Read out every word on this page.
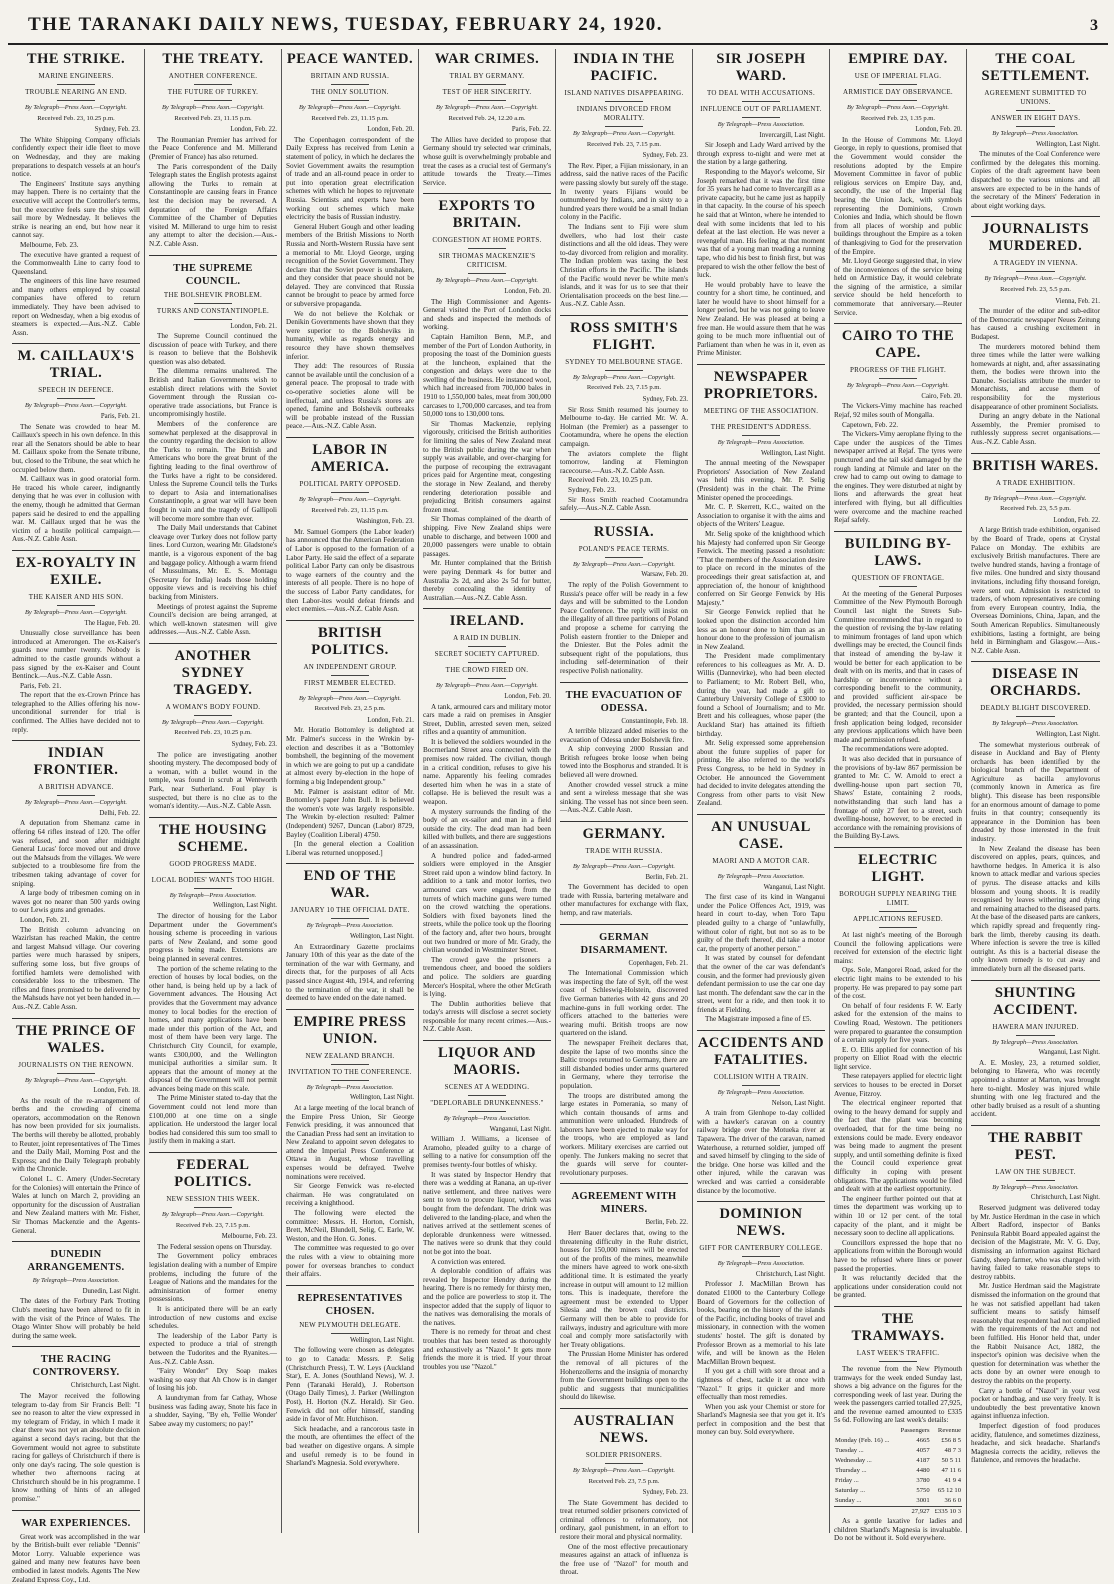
THE TARANAKI DAILY NEWS, TUESDAY, FEBRUARY 24, 1920.	3
THE STRIKE.
MARINE ENGINEERS.
TROUBLE NEARING AN END.
By Telegraph—Press Assn.—Copyright.
Received Feb. 23, 10.25 p.m.
Sydney, Feb. 23.

The White Shipping Company officials confidently expect their idle fleet to move on Wednesday, and they are making preparations to despatch vessels at an hour's notice.

The Engineers' Institute says anything may happen. There is no certainty that the executive will accept the Controller's terms, but the executive feels sure the ships will sail more by Wednesday. It believes the strike is nearing an end, but how near it cannot say.

Melbourne, Feb. 23.

The executive have granted a request of the Commonwealth Line to carry food to Queensland.

The engineers of this line have resumed and many others employed by coastal companies have offered to return immediately. They have been advised to report on Wednesday, when a big exodus of steamers is expected.—Aus.-N.Z. Cable Assn.

M. CAILLAUX'S TRIAL.
SPEECH IN DEFENCE.
By Telegraph—Press Assn.—Copyright.
Paris, Feb. 21.

The Senate was crowded to hear M. Caillaux's speech in his own defence. In this rear all the Senators should be able to hear M. Caillaux spoke from the Senate tribune, but, closed to the Tribune, the seat which he occupied below them.

M. Caillaux was in good oratorial form. He traced his whole career, indignantly denying that he was ever in collusion with the enemy, though he admitted that German papers said he desired to end the appalling war. M. Caillaux urged that he was the victim of a hostile political campaign.—Aus.-N.Z. Cable Assn.

EX-ROYALTY IN EXILE.
THE KAISER AND HIS SON.
By Telegraph—Press Assn.—Copyright.
The Hague, Feb. 20.

Unusually close surveillance has been introduced at Amerongen. The ex-Kaiser's guards now number twenty. Nobody is admitted to the castle grounds without a pass signed by the ex-Kaiser and Count Bentinck.—Aus.-N.Z. Cable Assn.

Paris, Feb. 21.

The report that the ex-Crown Prince has telegraphed to the Allies offering his now-unconditional surrender for trial is confirmed. The Allies have decided not to reply.

INDIAN FRONTIER.
A BRITISH ADVANCE.
By Telegraph—Press Assn.—Copyright.
Delhi, Feb. 22.

A deputation from Shemanz came in offering 64 rifles instead of 120. The offer was refused, and soon after midnight General Lucas' force moved out and drove out the Mahsuds from the villages. We were subjected to a troublesome fire from the tribesmen taking advantage of cover for sniping.

A large body of tribesmen coming on in waves got no nearer than 500 yards owing to our Lewis guns and grenades.

London, Feb. 21.

The British column advancing on Wazirlstan has reached Makin, the centre and largest Mahsud village. Our covering parties were much harassed by snipers, suffering some loss, but five groups of fortified hamlets were demolished with considerable loss to the tribesmen. The rifles and fines promised to be delivered by the Mahsuds have not yet been handed in.—Aus.-N.Z. Cable Assn.

THE PRINCE OF WALES.
JOURNALISTS ON THE RENOWN.
By Telegraph—Press Assn.—Copyright.
London, Feb. 18.

As the result of the re-arrangement of berths and the crowding of cinema operators, accommodation on the Renown has now been provided for six journalists. The berths will thereby be allotted, probably to Reuter, joint representatives of The Times and the Daily Mail, Morning Post and the Express; and the Daily Telegraph probably with the Chronicle.

Colonel L. C. Amery (Under-Secretary for the Colonies) will entertain the Prince of Wales at lunch on March 2, providing an opportunity for the discussion of Australian and New Zealand matters with Mr. Fisher, Sir Thomas Mackenzie and the Agents-General.

DUNEDIN ARRANGEMENTS.
By Telegraph—Press Association.
Dunedin, Last Night.

The dates of the Forbury Park Trotting Club's meeting have been altered to fit in with the visit of the Prince of Wales. The Otago Winter Show will probably be held during the same week.

THE RACING CONTROVERSY.
Christchurch, Last Night.

The Mayor received the following telegram to-day from Sir Francis Bell: "I see no reason to alter the view expressed in my telegram of Friday, in which I made it clear there was not yet an absolute decision against a second day's racing, but that the Government would not agree to substitute racing for galleys of Christchurch if there is only one day's racing. The sole question is whether two afternoons racing at Christchurch should be in his programme. I know nothing of hints of an alleged promise."

WAR EXPERIENCES.

Great work was accomplished in the war by the British-built ever reliable "Dennis" Motor Lorry. Valuable experience was gained and many new features have been embodied in latest models. Agents The New Zealand Express Coy., Ltd.

THE TREATY.
ANOTHER CONFERENCE.
THE FUTURE OF TURKEY.
By Telegraph—Press Assn.—Copyright.
Received Feb. 23, 11.15 p.m.
London, Feb. 22.

The Roumanian Premier has arrived for the Peace Conference and M. Millerand (Premier of France) has also returned.

The Paris correspondent of the Daily Telegraph states the English protests against allowing the Turks to remain at Constantinople are causing fears in France lest the decision may be reversed. A deputation of the Foreign Affairs Committee of the Chamber of Deputies visited M. Millerand to urge him to resist any attempt to alter the decision.—Aus.-N.Z. Cable Assn.

THE SUPREME COUNCIL.
THE BOLSHEVIK PROBLEM.
TURKS AND CONSTANTINOPLE.
London, Feb. 21.

The Supreme Council continued the discussion of peace with Turkey, and there is reason to believe that the Bolshevik question was also debated.

The dilemma remains unaltered. The British and Italian Governments wish to establish direct relations with the Soviet Government through the Russian co-operative trade associations, but France is uncompromisingly hostile.

Members of the conference are somewhat perplexed at the disapproval in the country regarding the decision to allow the Turks to remain. The British and Americans who bore the great brunt of the fighting leading to the final overthrow of the Turks have a right to be considered. Unless the Supreme Council tells the Turks to depart to Asia and internationalises Constantinople, a great war will have been fought in vain and the tragedy of Gallipoli will become more sombre than ever.

The Daily Mail understands that Cabinet cleavage over Turkey does not follow party lines. Lord Curzon, wearing Mr. Gladstone's mantle, is a vigorous exponent of the bag and baggage policy. Although a warm friend of Mussulmans, Mr. E. S. Montagu (Secretary for India) leads those holding opposite views and is receiving his chief backing from Ministers.

Meetings of protest against the Supreme Council's decision are being arranged, at which well-known statesmen will give addresses.—Aus.-N.Z. Cable Assn.

ANOTHER SYDNEY TRAGEDY.
A WOMAN'S BODY FOUND.
By Telegraph—Press Assn.—Copyright.
Received Feb. 23, 10.25 p.m.
Sydney, Feb. 23.

The police are investigating another shooting mystery. The decomposed body of a woman, with a bullet wound in the temple, was found in scrub at Wentworth Park, near Sutherland. Foul play is suspected, but there is no clue as to the woman's identity.—Aus.-N.Z. Cable Assn.

THE HOUSING SCHEME.
GOOD PROGRESS MADE.
LOCAL BODIES' WANTS TOO HIGH.
By Telegraph—Press Association.
Wellington, Last Night.

The director of housing for the Labor Department under the Government's housing scheme is proceeding in various parts of New Zealand, and some good progress is being made. Extensions are being planned in several centres.

The portion of the scheme relating to the erection of houses by local bodies, on the other hand, is being held up by a lack of Government advances. The Housing Act provides that the Government may advance money to local bodies for the erection of homes, and many applications have been made under this portion of the Act, and most of them have been very large. The Christchurch City Council, for example, wants £300,000, and the Wellington municipal authorities a similar sum. It appears that the amount of money at the disposal of the Government will not permit advances being made on this scale.

The Prime Minister stated to-day that the Government could not lend more than £100,000 at one time on a single application. He understood the larger local bodies had considered this sum too small to justify them in making a start.

FEDERAL POLITICS.
NEW SESSION THIS WEEK.
By Telegraph—Press Assn.—Copyright.
Received Feb. 23, 7.15 p.m.
Melbourne, Feb. 23.

The Federal session opens on Thursday.

The Government policy embraces legislation dealing with a number of Empire problems, including the future of the League of Nations and the mandates for the administration of former enemy possessions.

It is anticipated there will be an early introduction of new customs and excise schedules.

The leadership of the Labor Party is expected to produce a trial of strength between the Tudorites and the Ryanites.—Aus.-N.Z. Cable Assn.

"Fairy Wonder" Dry Soap makes washing so easy that Ah Chow is in danger of losing his job.

A laundryman from far Cathay, Whose business was fading away, Snote his face in a shudder, Saying, "By eh, 'Fellie Wonder' Sabee away my customers; no pay!"

PEACE WANTED.
BRITAIN AND RUSSIA.
THE ONLY SOLUTION.
By Telegraph—Press Assn.—Copyright.
Received Feb. 23, 11.15 p.m.
London, Feb. 20.

The Copenhagen correspondent of the Daily Express has received from Lenin a statement of policy, in which he declares the Soviet Government awaits the resumption of trade and an all-round peace in order to put into operation great electrification schemes with which he hopes to rejuvenate Russia. Scientists and experts have been working out schemes which make electricity the basis of Russian industry.

General Hubert Gough and other leading members of the British Missions to North Russia and North-Western Russia have sent a memorial to Mr. Lloyd George, urging recognition of the Soviet Government. They declare that the Soviet power is unshaken, and they consider that peace should not be delayed. They are convinced that Russia cannot be brought to peace by armed force or subversive propaganda.

We do not believe the Kolchak or Denikin Governments have shown that they were superior to the Bolsheviks in humanity, while as regards energy and resource they have shown themselves inferior.

They add: The resources of Russia cannot be available until the conclusion of a general peace. The proposal to trade with co-operative societies alone will be ineffectual, and unless Russia's stores are opened, famine and Bolshevik outbreaks will be probable instead of the Russian peace.—Aus.-N.Z. Cable Assn.

LABOR IN AMERICA.
POLITICAL PARTY OPPOSED.
By Telegraph—Press Assn.—Copyright.
Received Feb. 23, 11.15 p.m.
Washington, Feb. 23.

Mr. Samuel Gompers (the Labor leader) has announced that the American Federation of Labor is opposed to the formation of a Labor Party. He said the effect of a separate political Labor Party can only be disastrous to wage earners of the country and the interests of all people. There is no hope of the success of Labor Party candidates, for then Labor-ites would defeat friends and elect enemies.—Aus.-N.Z. Cable Assn.

BRITISH POLITICS.
AN INDEPENDENT GROUP.
FIRST MEMBER ELECTED.
By Telegraph—Press Assn.—Copyright.
Received Feb. 23, 2.5 p.m.
London, Feb. 21.

Mr. Horatio Bottomley is delighted at Mr. Palmer's success in the Wrekin by-election and describes it as a "Bottomley bombshell, the beginning of the movement in which we are going to put up a candidate at almost every by-election in the hope of forming a big Independent group."

Mr. Palmer is assistant editor of Mr. Bottomley's paper John Bull. It is believed the women's vote was largely responsible. The Wrekin by-election resulted: Palmer (Independent) 9267, Duncan (Labor) 8729, Bayley (Coalition Liberal) 4750.

[In the general election a Coalition Liberal was returned unopposed.]

END OF THE WAR.
JANUARY 10 THE OFFICIAL DATE.
By Telegraph—Press Association.
Wellington, Last Night.

An Extraordinary Gazette proclaims January 10th of this year as the date of the termination of the war with Germany, and directs that, for the purposes of all Acts passed since August 4th, 1914, and referring to the termination of the war, it shall be deemed to have ended on the date named.

EMPIRE PRESS UNION.
NEW ZEALAND BRANCH.
INVITATION TO THE CONFERENCE.
By Telegraph—Press Association.
Wellington, Last Night.

At a large meeting of the local branch of the Empire Press Union, Sir George Fenwick presiding, it was announced that the Canadian Press had sent an invitation to New Zealand to appoint seven delegates to attend the Imperial Press Conference at Ottawa in August, whose travelling expenses would be defrayed. Twelve nominations were received.

Sir George Fenwick was re-elected chairman. He was congratulated on receiving a knighthood.

The following were elected the committee: Messrs. H. Horton, Cornish, Brett, McNeil, Blundell, Selig, C. Earle, W. Weston, and the Hon. G. Jones.

The committee was requested to go over the rules with a view to obtaining more power for overseas branches to conduct their affairs.

REPRESENTATIVES CHOSEN.
NEW PLYMOUTH DELEGATE.
Wellington, Last Night.

The following were chosen as delegates to go to Canada: Messrs. P. Selig (Christchurch Press), T. W. Leys (Auckland Star), E. A. Jones (Southland News), W. J. Penn (Taranaki Herald), J. Robertson (Otago Daily Times), J. Parker (Wellington Post), H. Horton (N.Z. Herald). Sir Geo. Fenwick did not offer himself, standing aside in favor of Mr. Hutchison.

Sick headache, and a rancorous taste in the mouth, are oftentimes the effect of the bad weather on digestive organs. A simple and useful remedy is to be found in Sharland's Magnesia. Sold everywhere.

WAR CRIMES.
TRIAL BY GERMANY.
TEST OF HER SINCERITY.
By Telegraph—Press Assn.—Copyright.
Received Feb. 24, 12.20 a.m.
Paris, Feb. 22.

The Allies have decided to propose that Germany should try selected war criminals, whose guilt is overwhelmingly probable and treat the cases as a crucial test of Germany's attitude towards the Treaty.—Times Service.

EXPORTS TO BRITAIN.
CONGESTION AT HOME PORTS.
SIR THOMAS MACKENZIE'S CRITICISM.
By Telegraph—Press Assn.—Copyright.
London, Feb. 20.

The High Commissioner and Agents-General visited the Port of London docks and sheds and inspected the methods of working.

Captain Hamilton Benn, M.P., and member of the Port of London Authority, in proposing the toast of the Dominion guests at the luncheon, explained that the congestion and delays were due to the swelling of the business. He instanced wool, which had increased from 700,000 bales in 1910 to 1,550,000 bales, meat from 300,000 carcases to 1,700,000 carcases, and tea from 50,000 tons to 130,000 tons.

Sir Thomas Mackenzie, replying vigorously, criticised the British authorities for limiting the sales of New Zealand meat to the British public during the war when supply was available, and over-charging for the purpose of recouping the extravagant prices paid for Argentine meat, congesting the storage in New Zealand, and thereby rendering deterioration possible and prejudicing British consumers against frozen meat.

Sir Thomas complained of the dearth of shipping. Five New Zealand ships were unable to discharge, and between 1000 and 20,000 passengers were unable to obtain passages.

Mr. Hunter complained that the British were paying Denmark 4s for butter and Australia 2s 2d, and also 2s 5d for butter, thereby concealing the identity of Australian.—Aus.-N.Z. Cable Assn.

IRELAND.
A RAID IN DUBLIN.
SECRET SOCIETY CAPTURED.
THE CROWD FIRED ON.
By Telegraph—Press Assn.—Copyright.
London, Feb. 20.

A tank, armoured cars and military motor cars made a raid on premises in Ansgier Street, Dublin, arrested seven men, seized rifles and a quantity of ammunition.

It is believed the soldiers wounded in the Bocrnerland Street area connected with the premises now raided. The civilian, though in a critical condition, refuses to give his name. Apparently his feeling comrades deserted him when he was in a state of collapse. He is believed the result was a weapon.

A mystery surrounds the finding of the body of an ex-sailor and man in a field outside the city. The dead man had been killed with bullets, and there are suggestions of an assassination.

A hundred police and faded-armed soldiers were employed in the Ansgier Street raid upon a window blind factory. In addition to a tank and motor lorries, two armoured cars were engaged, from the turrets of which machine guns were turned on the crowd watching the operations. Soldiers with fixed bayonets lined the streets, while the police took up the flooring of the factory and, after two hours, brought out two hundred or more of Mr. Grady, the civilian wounded in Westminster Street.

The crowd gave the prisoners a tremendous cheer, and booed the soldiers and police. The soldiers are guarding Mercer's Hospital, where the other McGrath is lying.

The Dublin authorities believe that today's arrests will disclose a secret society responsible for many recent crimes.—Aus.-N.Z. Cable Assn.

LIQUOR AND MAORIS.
SCENES AT A WEDDING.
"DEPLORABLE DRUNKENNESS."
By Telegraph—Press Association.
Wanganui, Last Night.

William J. Williams, a licensee of Aramoho, pleaded guilty to a charge of selling to a native for consumption off the premises twenty-four bottles of whisky.

It was stated by Inspector Hendry that there was a wedding at Ranana, an up-river native settlement, and three natives were sent to town to procure liquor, which was bought from the defendant. The drink was delivered to the landing-place, and when the natives arrived at the settlement scenes of deplorable drunkenness were witnessed. The natives were so drunk that they could not be got into the boat.

A conviction was entered.

A deplorable condition of affairs was revealed by Inspector Hendry during the hearing. There is no remedy for thirsty men, and the police are powerless to stop it. The inspector added that the supply of liquor to the natives was demoralising the morals of the natives.

There is no remedy for throat and chest troubles that has been tested as thoroughly and exhaustively as "Nazol." It gets more friends the more it is tried. If your throat troubles you use "Nazol."

INDIA IN THE PACIFIC.
ISLAND NATIVES DISAPPEARING.
INDIANS DIVORCED FROM MORALITY.
By Telegraph—Press Assn.—Copyright.
Received Feb. 23, 7.15 p.m.
Sydney, Feb. 23.

The Rev. Piper, a Fijian missionary, in an address, said the native races of the Pacific were passing slowly but surely off the stage. In twenty years Fijians would be outnumbered by Indians, and in sixty to a hundred years there would be a small Indian colony in the Pacific.

The Indians sent to Fiji were slum dwellers, who had lost their caste distinctions and all the old ideas. They were to-day divorced from religion and morality. The Indian problem was taxing the best Christian efforts in the Pacific. The islands of the Pacific would never be white men's islands, and it was for us to see that their Orientalisation proceeds on the best line.—Aus.-N.Z. Cable Assn.

ROSS SMITH'S FLIGHT.
SYDNEY TO MELBOURNE STAGE.
By Telegraph—Press Assn.—Copyright.
Received Feb. 23, 7.15 p.m.
Sydney, Feb. 23.

Sir Ross Smith resumed his journey to Melbourne to-day. He carried Mr. W. A. Holman (the Premier) as a passenger to Cootamundra, where he opens the election campaign.

The aviators complete the flight tomorrow, landing at Flemington racecourse.—Aus.-N.Z. Cable Assn.

Received Feb. 23, 10.25 p.m.

Sydney, Feb. 23.

Sir Ross Smith reached Cootamundra safely.—Aus.-N.Z. Cable Assn.

RUSSIA.
POLAND'S PEACE TERMS.
By Telegraph—Press Assn.—Copyright.
Warsaw, Feb. 20.

The reply of the Polish Government to Russia's peace offer will be ready in a few days and will be submitted to the London Peace Conference. The reply will insist on the illegality of all three partitions of Poland and propose a scheme for carrying the Polish eastern frontier to the Dnieper and the Dniester. But the Poles admit the subsequent right of the populations, thus including self-determination of their respective Polish nationality.

THE EVACUATION OF ODESSA.
Constantinople, Feb. 18.

A terrible blizzard added miseries to the evacuation of Odessa under Bolshevik fire.

A ship conveying 2000 Russian and British refugees broke loose when being towed into the Bosphorus and stranded. It is believed all were drowned.

Another crowded vessel struck a mine and sent a wireless message that she was sinking. The vessel has not since been seen.—Aus.-N.Z. Cable Assn.

GERMANY.
TRADE WITH RUSSIA.
By Telegraph—Press Assn.—Copyright.
Berlin, Feb. 21.

The Government has decided to open trade with Russia, bartering metalware and other manufactures for exchange with flax, hemp, and raw materials.

GERMAN DISARMAMENT.
Copenhagen, Feb. 21.

The International Commission which was inspecting the fate of Sylt, off the west coast of Schleswig-Holstein, discovered five German batteries with 42 guns and 20 machine-guns in full working order. The officers attached to the batteries were wearing mufti. British troops are now quartered on the island.

The newspaper Freiheit declares that, despite the lapse of two months since the Baltic troops returned to Germany, there are still disbanded bodies under arms quartered in Germany, where they terrorise the population.

The troops are distributed among the large estates in Pomerania, so many of which contain thousands of arms and ammunition were unloaded. Hundreds of laborers have been ejected to make way for the troops, who are employed as land workers. Military exercises are carried out openly. The Junkers making no secret that the guards will serve for counter-revolutionary purposes.

AGREEMENT WITH MINERS.
Berlin, Feb. 22.

Herr Bauer declares that, owing to the threatening difficulty in the Ruhr district, houses for 150,000 miners will be erected out of the profits of the mines, meanwhile the miners have agreed to work one-sixth additional time. It is estimated the yearly increase in output will amount to 12 million tons. This is inadequate, therefore the agreement must be extended to Upper Silesia and the brown coal districts. Germany will then be able to provide for railways, industry and agriculture with more coal and comply more satisfactorily with her Treaty obligations.

The Prussian Home Minister has ordered the removal of all pictures of the Hohenzollerns and the insignia of monarchy from the Government buildings open to the public and suggests that municipalities should do likewise.

AUSTRALIAN NEWS.
SOLDIER PRISONERS.
By Telegraph—Press Assn.—Copyright.
Received Feb. 23, 7.5 p.m.
Sydney, Feb. 23.

The State Government has decided to treat returned soldier prisoners convicted of criminal offences to reformatory, not ordinary, gaol punishment, in an effort to restore their moral and physical normality.

One of the most effective precautionary measures against an attack of influenza is the free use of "Nazol" for mouth and throat.

SIR JOSEPH WARD.
TO DEAL WITH ACCUSATIONS.
INFLUENCE OUT OF PARLIAMENT.
By Telegraph—Press Association.
Invercargill, Last Night.

Sir Joseph and Lady Ward arrived by the through express to-night and were met at the station by a large gathering.

Responding to the Mayor's welcome, Sir Joseph remarked that it was the first time for 35 years he had come to Invercargill as a private capacity, but he came just as happily in that capacity. In the course of his speech he said that at Winton, where he intended to deal with some incidents that led to his defeat at the last election. He was never a revengeful man. His feeling at that moment was that of a young man treading a running tape, who did his best to finish first, but was prepared to wish the other fellow the best of luck.

He would probably have to leave the country for a short time, he continued, and later he would have to shoot himself for a longer period, but he was not going to leave New Zealand. He was pleased at being a free man. He would assure them that he was going to be much more influential out of Parliament than when he was in it, even as Prime Minister.

NEWSPAPER PROPRIETORS.
MEETING OF THE ASSOCIATION.
THE PRESIDENT'S ADDRESS.
By Telegraph—Press Association.
Wellington, Last Night.

The annual meeting of the Newspaper Proprietors' Association of New Zealand was held this evening. Mr. P. Selig (President) was in the chair. The Prime Minister opened the proceedings.

Mr. C. P. Skerrett, K.C., waited on the Association to organise it with the aims and objects of the Writers' League.

Mr. Selig spoke of the knighthood which his Majesty had conferred upon Sir George Fenwick. The meeting passed a resolution: "That the members of the Association desire to place on record in the minutes of the proceedings their great satisfaction at, and appreciation of, the honour of knighthood conferred on Sir George Fenwick by His Majesty."

Sir George Fenwick replied that he looked upon the distinction accorded him less as an honour done to him than as an honour done to the profession of journalism in New Zealand.

The President made complimentary references to his colleagues as Mr. A. D. Willis (Dannevirke), who had been elected to Parliament; to Mr. Robert Bell, who, during the year, had made a gift to Canterbury University College of £3000 to found a School of Journalism; and to Mr. Brett and his colleagues, whose paper (the Auckland Star) has attained its fiftieth birthday.

Mr. Selig expressed some apprehension about the future supplies of paper for printing. He also referred to the world's Press Congress, to be held in Sydney in October. He announced the Government had decided to invite delegates attending the Congress from other parts to visit New Zealand.

AN UNUSUAL CASE.
MAORI AND A MOTOR CAR.
By Telegraph—Press Association.
Wanganui, Last Night.

The first case of its kind in Wanganui under the Police Offences Act, 1919, was heard in court to-day, when Toro Tapu pleaded guilty to a charge of "unlawfully, without color of right, but not so as to be guilty of the theft thereof, did take a motor car, the property of another person."

It was stated by counsel for defendant that the owner of the car was defendant's cousin, and the former had previously given defendant permission to use the car one day last month. The defendant saw the car in the street, went for a ride, and then took it to friends at Fielding.

The Magistrate imposed a fine of £5.

ACCIDENTS AND FATALITIES.
COLLISION WITH A TRAIN.
By Telegraph—Press Association.
Nelson, Last Night.

A train from Glenhope to-day collided with a hawker's caravan on a country railway bridge over the Motueka river at Tapawera. The driver of the caravan, named Waterhouse, a returned soldier, jumped off and saved himself by clinging to the side of the bridge. One horse was killed and the other injured, while the caravan was wrecked and was carried a considerable distance by the locomotive.

DOMINION NEWS.
GIFT FOR CANTERBURY COLLEGE.
By Telegraph—Press Association.
Christchurch, Last Night.

Professor J. MacMillan Brown has donated £1000 to the Canterbury College Board of Governors for the collection of books, bearing on the history of the islands of the Pacific, including books of travel and missionary, in connection with the women students' hostel. The gift is donated by Professor Brown as a memorial to his late wife, and will be known as the Helen MacMillan Brown bequest.

If you get a chill with sore throat and a tightness of chest, tackle it at once with "Nazol." It grips it quicker and more effectually than most remedies.

When you ask your Chemist or store for Sharland's Magnesia see that you get it. It's perfect in composition and the best that money can buy. Sold everywhere.

EMPIRE DAY.
USE OF IMPERIAL FLAG.
ARMISTICE DAY OBSERVANCE.
By Telegraph—Press Assn.—Copyright.
Received Feb. 23, 1.35 p.m.
London, Feb. 20.

In the House of Commons Mr. Lloyd George, in reply to questions, promised that the Government would consider the resolutions adopted by the Empire Movement Committee in favor of public religious services on Empire Day, and, secondly, the use of the Imperial flag bearing the Union Jack, with symbols representing the Dominions, Crown Colonies and India, which should be flown from all places of worship and public buildings throughout the Empire as a token of thanksgiving to God for the preservation of the Empire.

Mr. Lloyd George suggested that, in view of the inconveniences of the service being held on Armistice Day, it would celebrate the signing of the armistice, a similar service should be held henceforth to commemorate that anniversary.—Reuter Service.

CAIRO TO THE CAPE.
PROGRESS OF THE FLIGHT.
By Telegraph—Press Assn.—Copyright.
Cairo, Feb. 20.

The Vickers-Vimy machine has reached Rejaf, 92 miles south of Mongalla.

Capetown, Feb. 22.

The Vickers-Vimy aeroplane flying to the Cape under the auspices of the Times newspaper arrived at Rejaf. The tyres were punctured and the tail skid damaged by the rough landing at Nimule and later on the crew had to camp out owing to damage to the engines. They were disturbed at night by lions and afterwards the great heat interfered with flying, but all difficulties were overcome and the machine reached Rejaf safely.

BUILDING BY-LAWS.
QUESTION OF FRONTAGE.

At the meeting of the General Purposes Committee of the New Plymouth Borough Council last night the Streets Sub-Committee recommended that in regard to the question of revising the by-law relating to minimum frontages of land upon which dwellings may be erected, the Council finds that instead of amending the by-law it would be better for each application to be dealt with on its merits, and that in cases of hardship or inconvenience without a corresponding benefit to the community, and provided sufficient air-space be provided, the necessary permission should be granted; and that the Council, upon a fresh application being lodged, reconsider any previous applications which have been made and permission refused.

The recommendations were adopted.

It was also decided that in pursuance of the provisions of by-law 867 permission be granted to Mr. C. W. Arnold to erect a dwelling-house upon part section 70, Shaws' Estate, containing 2 roods, notwithstanding that such land has a frontage of only 27 feet to a street, such dwelling-house, however, to be erected in accordance with the remaining provisions of the Building By-Laws.

ELECTRIC LIGHT.
BOROUGH SUPPLY NEARING THE LIMIT.
APPLICATIONS REFUSED.

At last night's meeting of the Borough Council the following applications were received for extension of the electric light mains:

Ops. Sole, Mangorei Road, asked for the electric light mains to be extended to his property. He was prepared to pay some part of the cost.

On behalf of four residents F. W. Early asked for the extension of the mains to Cowling Road, Westown. The petitioners were prepared to guarantee the consumption of a certain supply for five years.

E. O. Ellis applied for connection of his property on Elliot Road with the electric light service.

These ratepayers applied for electric light services to houses to be erected in Dorset Avenue, Fitzroy.

The electrical engineer reported that owing to the heavy demand for supply and the fact that the plant was becoming overloaded, that for the time being no extensions could be made. Every endeavor was being made to augment the present supply, and until something definite is fixed the Council could experience great difficulty in coping with present obligations. The applications would be filed and dealt with at the earliest opportunity.

The engineer further pointed out that at times the department was working up to within 10 or 12 per cent. of the total capacity of the plant, and it might be necessary soon to decline all applications.

Councillors expressed the hope that no applications from within the Borough would have to be refused where lines or power passed the properties.

It was reluctantly decided that the applications under consideration could not be granted.

THE TRAMWAYS.
LAST WEEK'S TRAFFIC.

The revenue from the New Plymouth tramways for the week ended Sunday last, shows a big advance on the figures for the corresponding week of last year. During the week the passengers carried totalled 27,925, and the revenue earned amounted to £335 5s 6d. Following are last week's details:

	Passengers	Revenue
Monday (Feb. 16) ...	4665	£56 8 5
Tuesday ...	4057	48 7 3
Wednesday ...	4187	50 5 11
Thursday ...	4480	47 11 6
Friday ...	3780	41 9 4
Saturday ...	5750	65 12 10
Sunday ...	3001	36 6 0
	27,927	£335 10 3

As a gentle laxative for ladies and children Sharland's Magnesia is invaluable. Do not be without it. Sold everywhere.

THE COAL SETTLEMENT.
AGREEMENT SUBMITTED TO UNIONS.
ANSWER IN EIGHT DAYS.
By Telegraph—Press Association.
Wellington, Last Night.

The minutes of the Coal Conference were confirmed by the delegates this morning. Copies of the draft agreement have been dispatched to the various unions and all answers are expected to be in the hands of the secretary of the Miners' Federation in about eight working days.

JOURNALISTS MURDERED.
A TRAGEDY IN VIENNA.
By Telegraph—Press Assn.—Copyright.
Received Feb. 23, 5.5 p.m.
Vienna, Feb. 21.

The murder of the editor and sub-editor of the Democratic newspaper Neues Zeitung has caused a crushing excitement in Budapest.

The murderers motored behind them three times while the latter were walking homewards at night, and, after assassinating them, the bodies were thrown into the Danube. Socialists attribute the murder to Monarchists, and accuse them of responsibility for the mysterious disappearance of other prominent Socialists.

During an angry debate in the National Assembly, the Premier promised to ruthlessly suppress secret organisations.—Aus.-N.Z. Cable Assn.

BRITISH WARES.
A TRADE EXHIBITION.
By Telegraph—Press Assn.—Copyright.
Received Feb. 23, 5.5 p.m.
London, Feb. 22.

A large British trade exhibition, organised by the Board of Trade, opens at Crystal Palace on Monday. The exhibits are exclusively British manufactures. There are twelve hundred stands, having a frontage of five miles. One hundred and sixty thousand invitations, including fifty thousand foreign, were sent out. Admission is restricted to traders, of whom representatives are coming from every European country, India, the Overseas Dominions, China, Japan, and the South American Republics. Simultaneously exhibitions, lasting a fortnight, are being held in Birmingham and Glasgow.—Aus.-N.Z. Cable Assn.

DISEASE IN ORCHARDS.
DEADLY BLIGHT DISCOVERED.
By Telegraph—Press Association.
Wellington, Last Night.

The somewhat mysterious outbreak of disease in Auckland and Bay of Plenty orchards has been identified by the biological branch of the Department of Agriculture as bacilla amylovorus (commonly known in America as fire blight). This disease has been responsible for an enormous amount of damage to pome fruits in that country; consequently its appearance in the Dominion has been dreaded by those interested in the fruit industry.

In New Zealand the disease has been discovered on apples, pears, quinces, and hawthorne hedges. In America it is also known to attack medlar and various species of pyrus. The disease attacks and kills blossom and young shoots. It is readily recognised by leaves withering and dying and remaining attached to the diseased parts. At the base of the diseased parts are cankers, which rapidly spread and frequently ring-bark the limb, thereby causing its death. Where infection is severe the tree is killed outright. As this is a bacterial disease the only known remedy is to cut away and immediately burn all the diseased parts.

SHUNTING ACCIDENT.
HAWERA MAN INJURED.
By Telegraph—Press Association.
Wanganui, Last Night.

A. E. Mosley, 23, a returned soldier, belonging to Hawera, who was recently appointed a shunter at Marton, was brought here to-night. Mosley was injured while shunting with one leg fractured and the other badly bruised as a result of a shunting accident.

THE RABBIT PEST.
LAW ON THE SUBJECT.
By Telegraph—Press Association.
Christchurch, Last Night.

Reserved judgment was delivered today by Mr. Justice Herdman in the case in which Albert Radford, inspector of Banks Peninsula Rabbit Board appealed against the decision of the Magistrate, Mr. V. G. Day, dismissing an information against Richard Gandy, sheep farmer, who was charged with having failed to take reasonable steps to destroy rabbits.

Mr. Justice Herdman said the Magistrate dismissed the information on the ground that he was not satisfied appellant had taken sufficient means to satisfy himself reasonably that respondent had not complied with the requirements of the Act and not been fulfilled. His Honor held that, under the Rabbit Nuisance Act, 1882, the inspector's opinion was decisive when the question for determination was whether the acts done by an owner were enough to destroy the rabbits on the property.

Carry a bottle of "Nazol" in your vest pocket or handbag, and use very freely. It is undoubtedly the best preventative known against influenza infection.

Imperfect digestion of food produces acidity, flatulence, and sometimes dizziness, headache, and sick headache. Sharland's Magnesia corrects the acidity, relieves the flatulence, and removes the headache.
